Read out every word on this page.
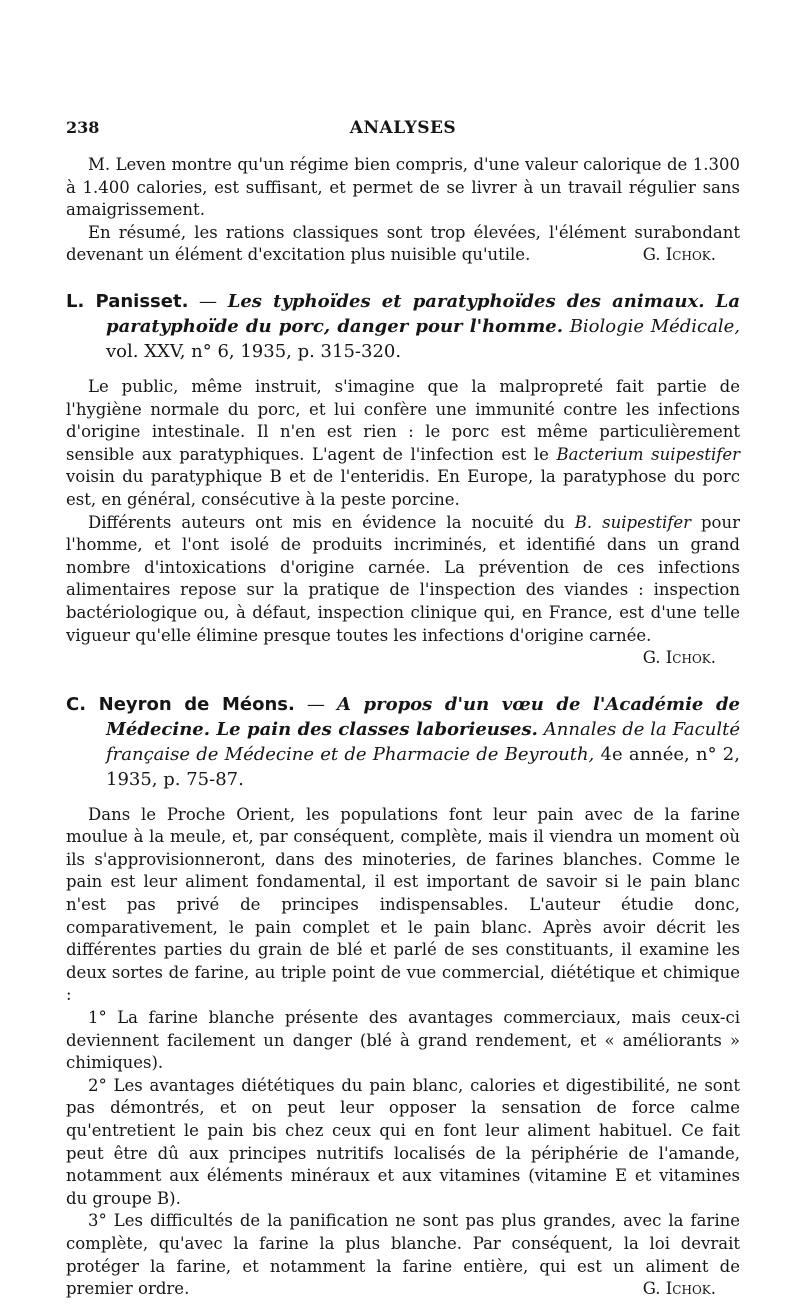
238	ANALYSES

M. Leven montre qu'un régime bien compris, d'une valeur calorique de 1.300 à 1.400 calories, est suffisant, et permet de se livrer à un travail régulier sans amaigrissement.

En résumé, les rations classiques sont trop élevées, l'élément surabondant devenant un élément d'excitation plus nuisible qu'utile.	G. Ichok.

L. Panisset. — Les typhoïdes et paratyphoïdes des animaux. La paratyphoïde du porc, danger pour l'homme. Biologie Médicale, vol. XXV, n° 6, 1935, p. 315-320.

Le public, même instruit, s'imagine que la malpropreté fait partie de l'hygiène normale du porc, et lui confère une immunité contre les infections d'origine intestinale. Il n'en est rien : le porc est même particulièrement sensible aux paratyphiques. L'agent de l'infection est le Bacterium suipestifer voisin du paratyphique B et de l'enteridis. En Europe, la paratyphose du porc est, en général, consécutive à la peste porcine.

Différents auteurs ont mis en évidence la nocuité du B. suipestifer pour l'homme, et l'ont isolé de produits incriminés, et identifié dans un grand nombre d'intoxications d'origine carnée. La prévention de ces infections alimentaires repose sur la pratique de l'inspection des viandes : inspection bactériologique ou, à défaut, inspection clinique qui, en France, est d'une telle vigueur qu'elle élimine presque toutes les infections d'origine carnée.
G. Ichok.

C. Neyron de Méons. — A propos d'un vœu de l'Académie de Médecine. Le pain des classes laborieuses. Annales de la Faculté française de Médecine et de Pharmacie de Beyrouth, 4e année, n° 2, 1935, p. 75-87.

Dans le Proche Orient, les populations font leur pain avec de la farine moulue à la meule, et, par conséquent, complète, mais il viendra un moment où ils s'approvisionneront, dans des minoteries, de farines blanches. Comme le pain est leur aliment fondamental, il est important de savoir si le pain blanc n'est pas privé de principes indispensables. L'auteur étudie donc, comparativement, le pain complet et le pain blanc. Après avoir décrit les différentes parties du grain de blé et parlé de ses constituants, il examine les deux sortes de farine, au triple point de vue commercial, diététique et chimique :

1° La farine blanche présente des avantages commerciaux, mais ceux-ci deviennent facilement un danger (blé à grand rendement, et « améliorants » chimiques).

2° Les avantages diététiques du pain blanc, calories et digestibilité, ne sont pas démontrés, et on peut leur opposer la sensation de force calme qu'entretient le pain bis chez ceux qui en font leur aliment habituel. Ce fait peut être dû aux principes nutritifs localisés de la périphérie de l'amande, notamment aux éléments minéraux et aux vitamines (vitamine E et vitamines du groupe B).

3° Les difficultés de la panification ne sont pas plus grandes, avec la farine complète, qu'avec la farine la plus blanche. Par conséquent, la loi devrait protéger la farine, et notamment la farine entière, qui est un aliment de premier ordre.	G. Ichok.
